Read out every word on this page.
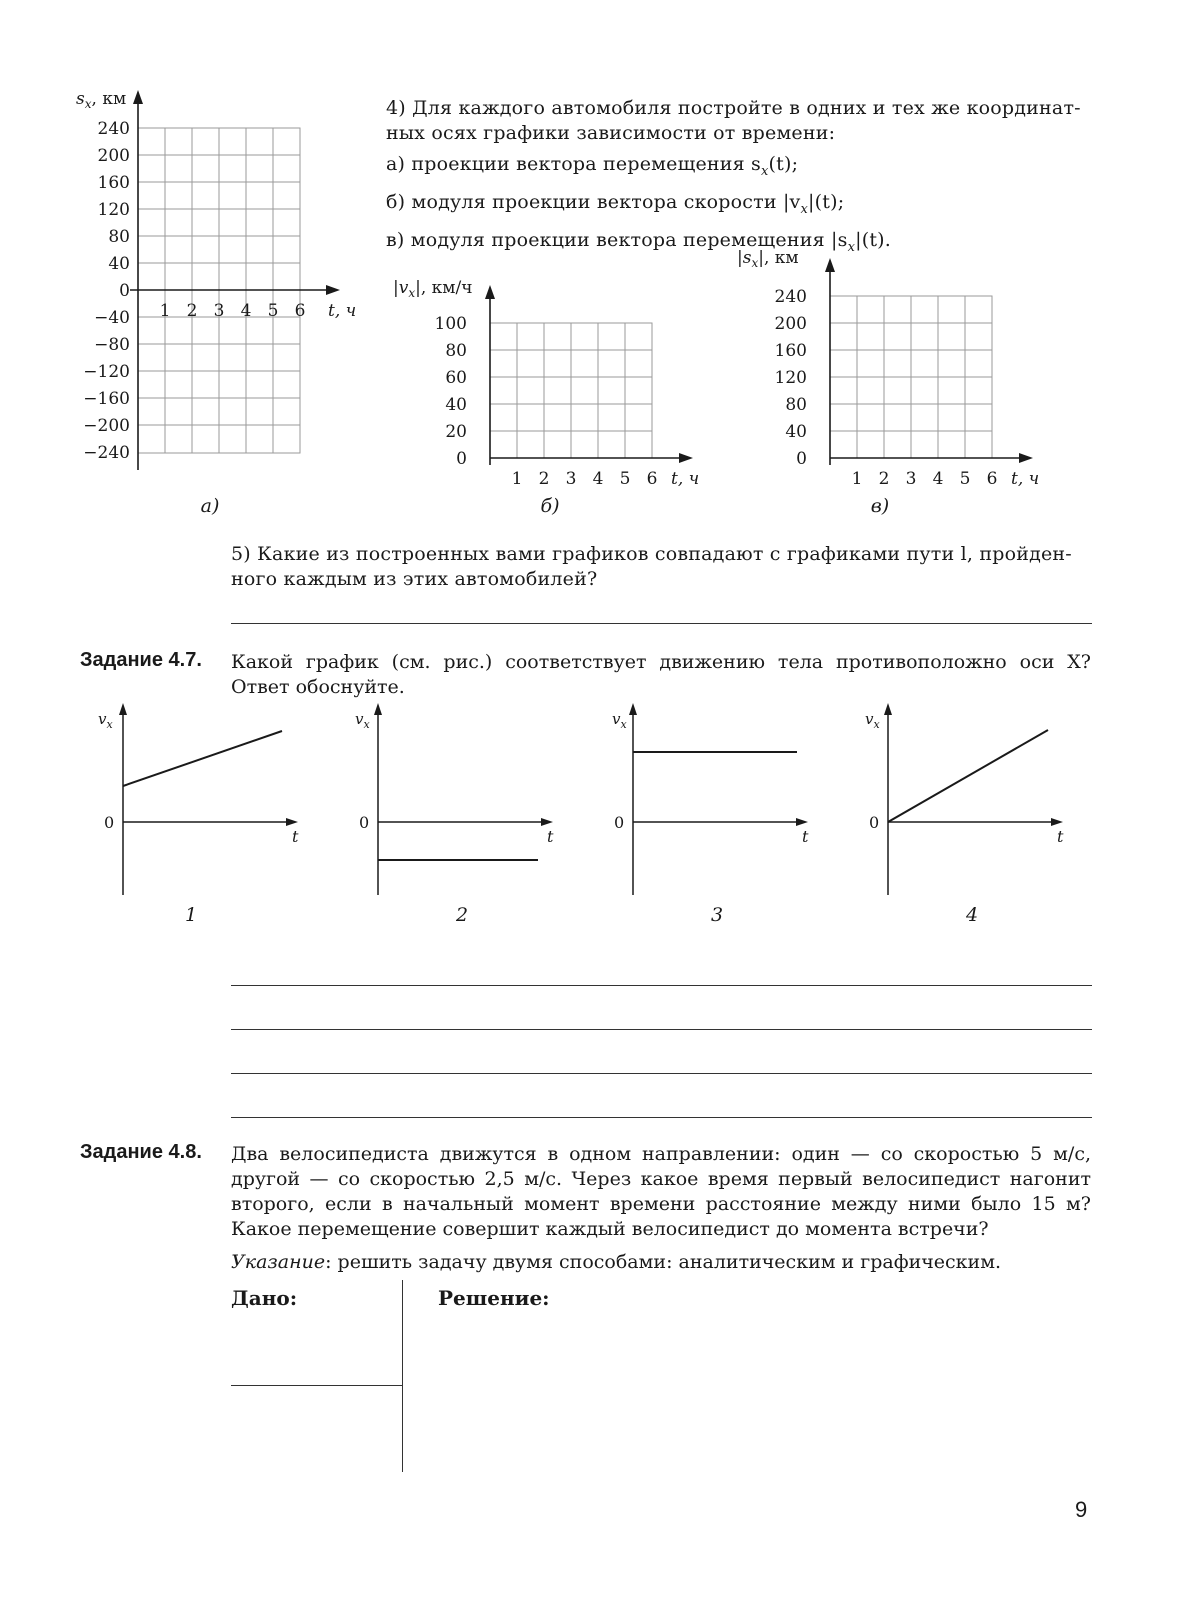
$s_x$, км
240
200
160
120
80
40
0
−40
−80
−120
−160
−200
−240
1 2 3 4 5 6 t, ч
а)
4) Для каждого автомобиля постройте в одних и тех же координат-
ных осях графики зависимости от времени:
а) проекции вектора перемещения $s_x(t)$;
б) модуля проекции вектора скорости $|v_x|(t)$;
в) модуля проекции вектора перемещения $|s_x|(t)$.
$|v_x|$, км/ч
100
80
60
40
20
0
1 2 3 4 5 6 t, ч
б)
$|s_x|$, км
240
200
160
120
80
40
0
1 2 3 4 5 6 t, ч
в)
5) Какие из построенных вами графиков совпадают с графиками пути l, пройден-
ного каждым из этих автомобилей?
Задание 4.7. Какой график (см. рис.) соответствует движению тела противоположно оси X?
Ответ обоснуйте.
$v_x$
0
t
1
$v_x$
0
t
2
$v_x$
0
t
3
$v_x$
0
t
4
Задание 4.8. Два велосипедиста движутся в одном направлении: один — со скоростью 5 м/с,
другой — со скоростью 2,5 м/с. Через какое время первый велосипедист нагонит
второго, если в начальный момент времени расстояние между ними было 15 м?
Какое перемещение совершит каждый велосипедист до момента встречи?
Указание: решить задачу двумя способами: аналитическим и графическим.
Дано:	Решение:
9
